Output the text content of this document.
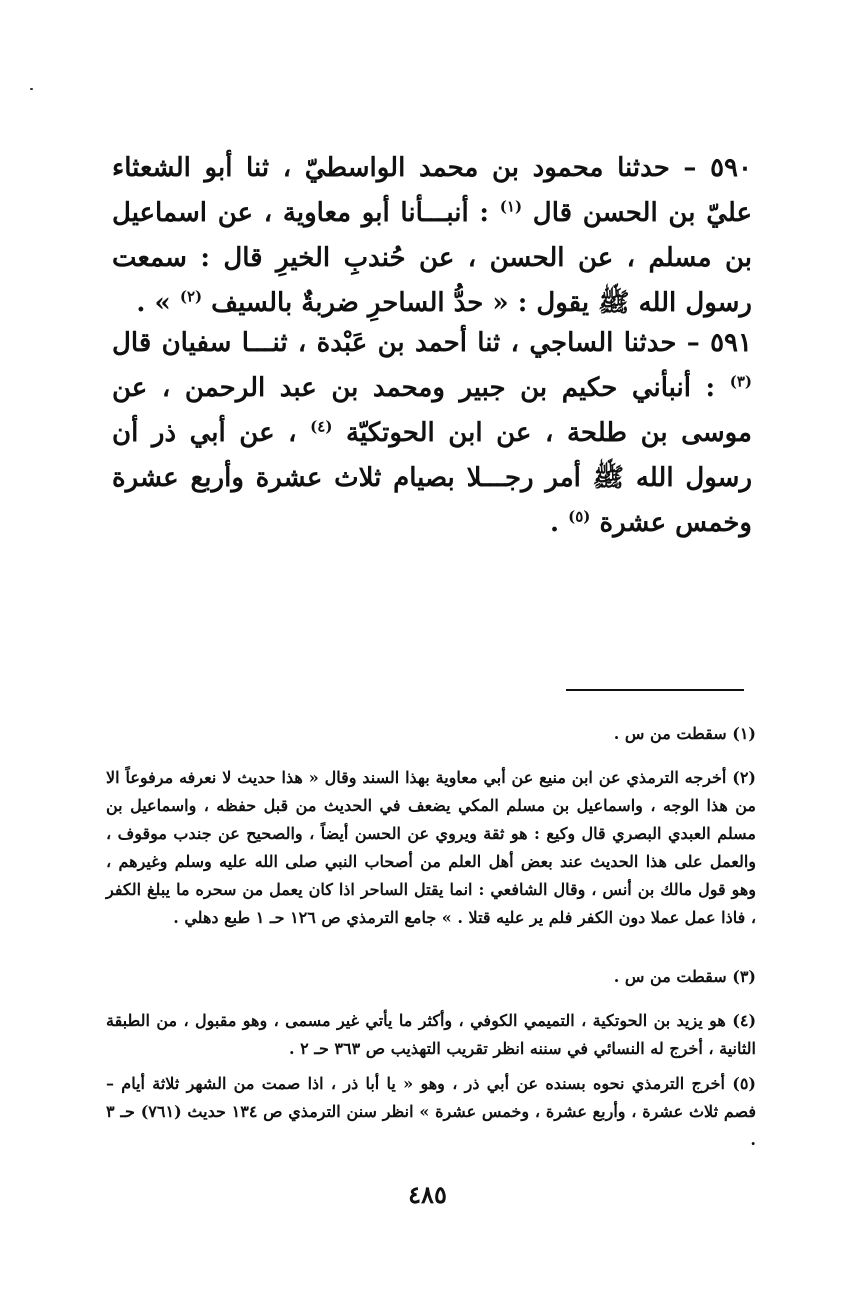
٥٩٠ – حدثنا محمود بن محمد الواسطيّ ، ثنا أبو الشعثاء عليّ بن الحسن قال $^{(١)}$ : أنبـــأنا أبو معاوية ، عن اسماعيل بن مسلم ، عن الحسن ، عن حُندبِ الخيرِ قال : سمعت رسول الله ﷺ يقول : « حدُّ الساحرِ ضربةٌ بالسيف $^{(٢)}$ » .
٥٩١ – حدثنا الساجي ، ثنا أحمد بن عَبْدة ، ثنـــا سفيان قال $^{(٣)}$ : أنبأني حكيم بن جبير ومحمد بن عبد الرحمن ، عن موسى بن طلحة ، عن ابن الحوتكيّة $^{(٤)}$ ، عن أبي ذر أن رسول الله ﷺ أمر رجـــلا بصيام ثلاث عشرة وأربع عشرة وخمس عشرة $^{(٥)}$ .
(١) سقطت من س .
(٢) أخرجه الترمذي عن ابن منيع عن أبي معاوية بهذا السند وقال « هذا حديث لا نعرفه مرفوعاً الا من هذا الوجه ، واسماعيل بن مسلم المكي يضعف في الحديث من قبل حفظه ، واسماعيل بن مسلم العبدي البصري قال وكيع : هو ثقة ويروي عن الحسن أيضاً ، والصحيح عن جندب موقوف ، والعمل على هذا الحديث عند بعض أهل العلم من أصحاب النبي صلى الله عليه وسلم وغيرهم ، وهو قول مالك بن أنس ، وقال الشافعي : انما يقتل الساحر اذا كان يعمل من سحره ما يبلغ الكفر ، فاذا عمل عملا دون الكفر فلم ير عليه قتلا . » جامع الترمذي ص ١٢٦ حـ ١ طبع دهلي .
(٣) سقطت من س .
(٤) هو يزيد بن الحوتكية ، التميمي الكوفي ، وأكثر ما يأتي غير مسمى ، وهو مقبول ، من الطبقة الثانية ، أخرج له النسائي في سننه انظر تقريب التهذيب ص ٣٦٣ حـ ٢ .
(٥) أخرج الترمذي نحوه بسنده عن أبي ذر ، وهو « يا أبا ذر ، اذا صمت من الشهر ثلاثة أيام – فصم ثلاث عشرة ، وأربع عشرة ، وخمس عشرة » انظر سنن الترمذي ص ١٣٤ حديث (٧٦١) حـ ٣ .
٤٨٥
